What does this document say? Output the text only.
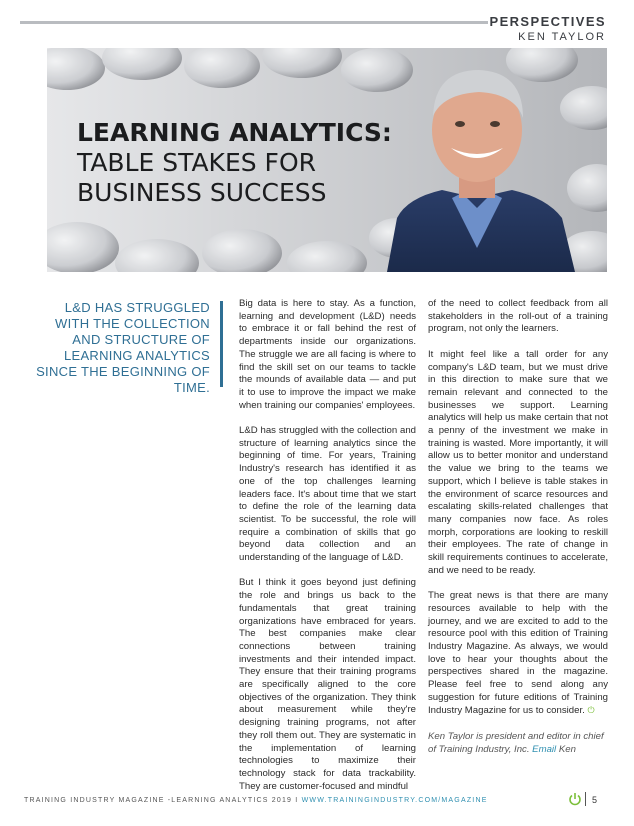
PERSPECTIVES
KEN TAYLOR
LEARNING ANALYTICS:
TABLE STAKES FOR
BUSINESS SUCCESS
L&D HAS STRUGGLED WITH THE COLLECTION AND STRUCTURE OF LEARNING ANALYTICS SINCE THE BEGINNING OF TIME.

Big data is here to stay. As a function, learning and development (L&D) needs to embrace it or fall behind the rest of departments inside our organizations. The struggle we are all facing is where to find the skill set on our teams to tackle the mounds of available data — and put it to use to improve the impact we make when training our companies' employees.

L&D has struggled with the collection and structure of learning analytics since the beginning of time. For years, Training Industry's research has identified it as one of the top challenges learning leaders face. It's about time that we start to define the role of the learning data scientist. To be successful, the role will require a combination of skills that go beyond data collection and an understanding of the language of L&D.

But I think it goes beyond just defining the role and brings us back to the fundamentals that great training organizations have embraced for years. The best companies make clear connections between training investments and their intended impact. They ensure that their training programs are specifically aligned to the core objectives of the organization. They think about measurement while they're designing training programs, not after they roll them out. They are systematic in the implementation of learning technologies to maximize their technology stack for data trackability. They are customer-focused and mindful

of the need to collect feedback from all stakeholders in the roll-out of a training program, not only the learners.

It might feel like a tall order for any company's L&D team, but we must drive in this direction to make sure that we remain relevant and connected to the businesses we support. Learning analytics will help us make certain that not a penny of the investment we make in training is wasted. More importantly, it will allow us to better monitor and understand the value we bring to the teams we support, which I believe is table stakes in the environment of scarce resources and escalating skills-related challenges that many companies now face. As roles morph, corporations are looking to reskill their employees. The rate of change in skill requirements continues to accelerate, and we need to be ready.

The great news is that there are many resources available to help with the journey, and we are excited to add to the resource pool with this edition of Training Industry Magazine. As always, we would love to hear your thoughts about the perspectives shared in the magazine. Please feel free to send along any suggestion for future editions of Training Industry Magazine for us to consider. ⏻

Ken Taylor is president and editor in chief of Training Industry, Inc. Email Ken

TRAINING INDUSTRY MAGAZINE -LEARNING ANALYTICS 2019 I WWW.TRAININGINDUSTRY.COM/MAGAZINE	5
